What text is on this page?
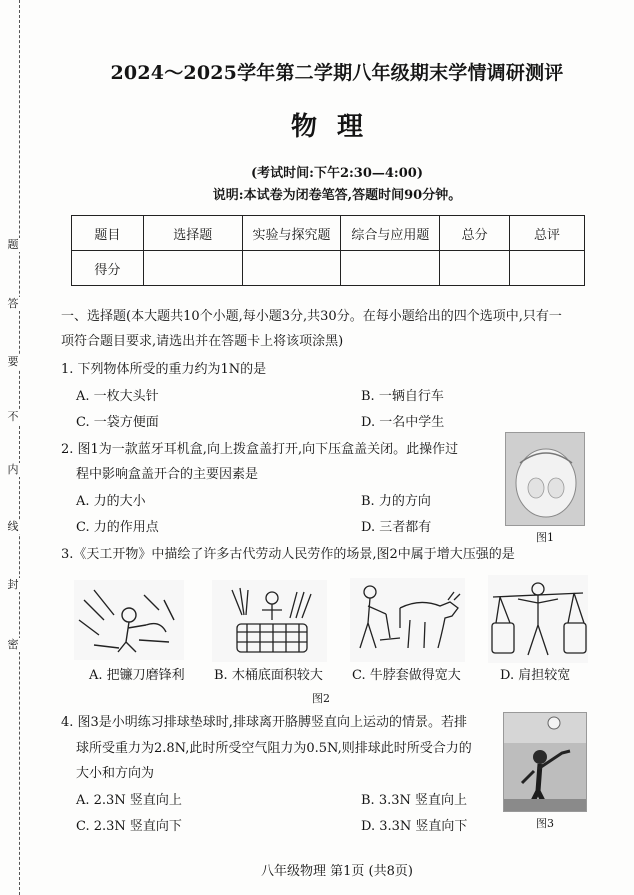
题
答
要
不
内
线
封
密
2024～2025学年第二学期八年级期末学情调研测评
物理
(考试时间:下午2:30—4:00)
说明:本试卷为闭卷笔答,答题时间90分钟。
题目	选择题	实验与探究题	综合与应用题	总分	总评
得分					
一、选择题(本大题共10个小题,每小题3分,共30分。在每小题给出的四个选项中,只有一
项符合题目要求,请选出并在答题卡上将该项涂黑)
1. 下列物体所受的重力约为1N的是
A. 一枚大头针	B. 一辆自行车
C. 一袋方便面	D. 一名中学生
2. 图1为一款蓝牙耳机盒,向上拨盒盖打开,向下压盒盖关闭。此操作过
程中影响盒盖开合的主要因素是
A. 力的大小	B. 力的方向
C. 力的作用点	D. 三者都有
图1
3.《天工开物》中描绘了许多古代劳动人民劳作的场景,图2中属于增大压强的是
A. 把镰刀磨锋利 B. 木桶底面积较大 C. 牛脖套做得宽大	D. 肩担较宽
图2
4. 图3是小明练习排球垫球时,排球离开胳膊竖直向上运动的情景。若排
球所受重力为2.8N,此时所受空气阻力为0.5N,则排球此时所受合力的
大小和方向为
A. 2.3N 竖直向上	B. 3.3N 竖直向上
C. 2.3N 竖直向下	D. 3.3N 竖直向下	图3
八年级物理 第1页 (共8页)
